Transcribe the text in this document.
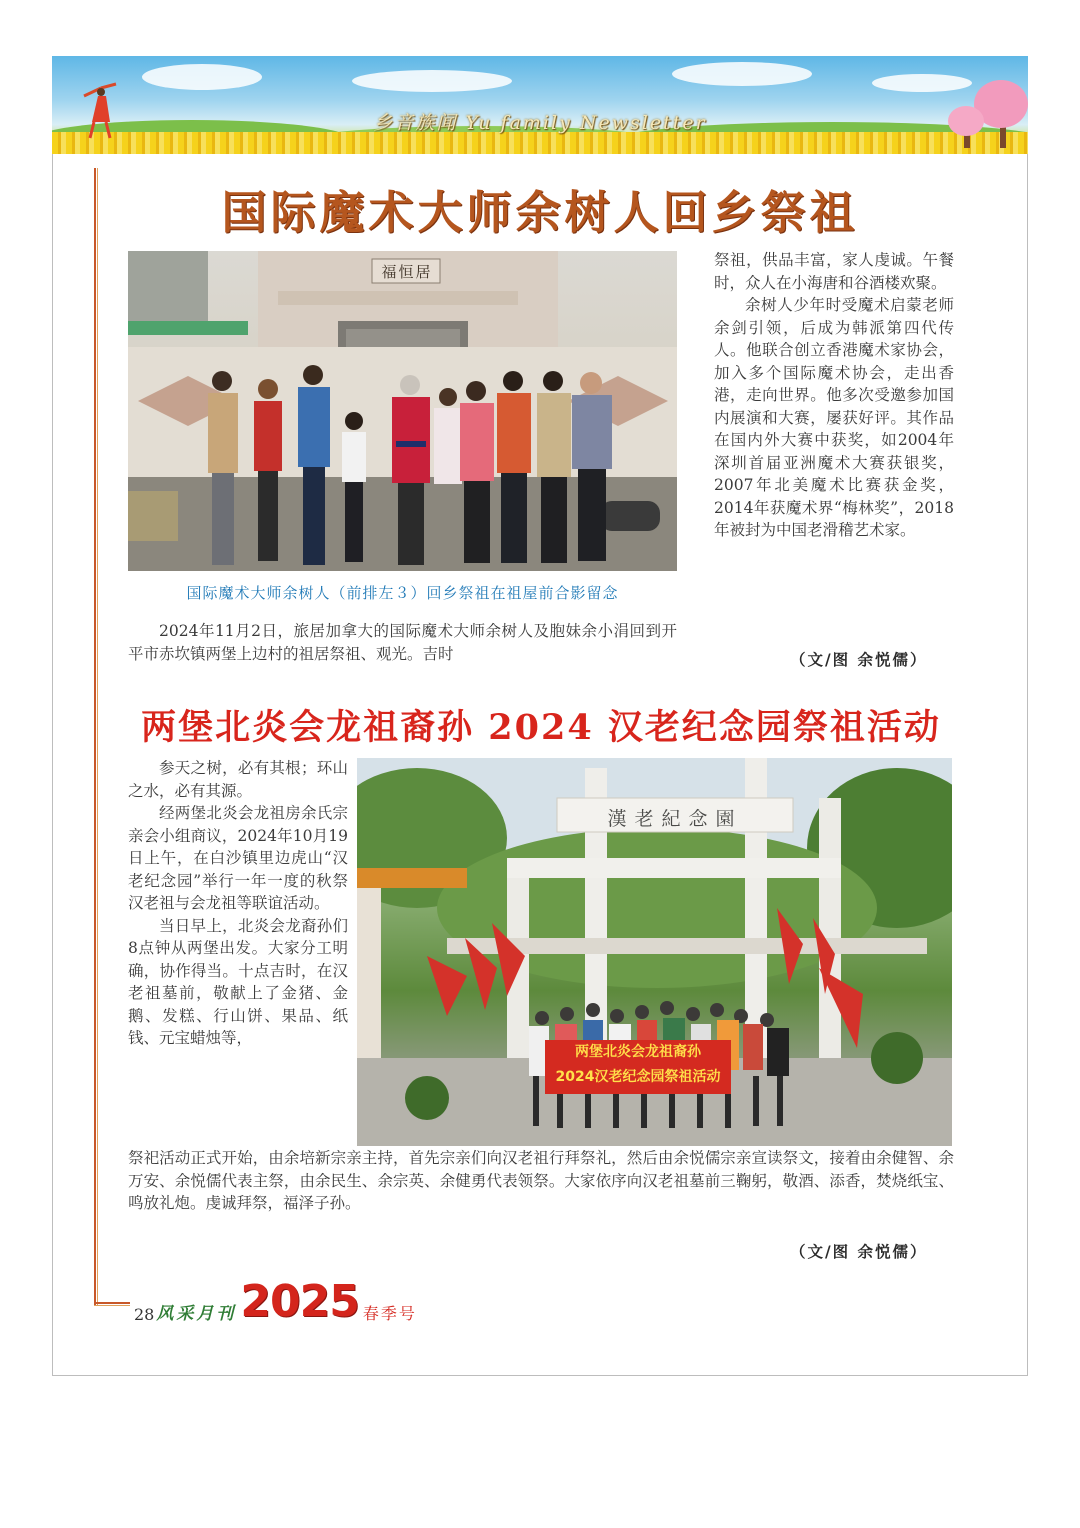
乡音族闻 Yu family Newsletter
国际魔术大师余树人回乡祭祖
福恒居
国际魔术大师余树人（前排左３）回乡祭祖在祖屋前合影留念

祭祖，供品丰富，家人虔诚。午餐时，众人在小海唐和谷酒楼欢聚。

余树人少年时受魔术启蒙老师余剑引领，后成为韩派第四代传人。他联合创立香港魔术家协会，加入多个国际魔术协会，走出香港，走向世界。他多次受邀参加国内展演和大赛，屡获好评。其作品在国内外大赛中获奖，如2004年深圳首届亚洲魔术大赛获银奖，2007年北美魔术比赛获金奖，2014年获魔术界“梅林奖”，2018年被封为中国老滑稽艺术家。

2024年11月2日，旅居加拿大的国际魔术大师余树人及胞妹余小涓回到开平市赤坎镇两堡上边村的祖居祭祖、观光。吉时	（文/图 余悦儒）
两堡北炎会龙祖裔孙 2024 汉老纪念园祭祖活动

参天之树，必有其根；环山之水，必有其源。

经两堡北炎会龙祖房余氏宗亲会小组商议，2024年10月19日上午，在白沙镇里边虎山“汉老纪念园”举行一年一度的秋祭汉老祖与会龙祖等联谊活动。

当日早上，北炎会龙裔孙们8点钟从两堡出发。大家分工明确，协作得当。十点吉时，在汉老祖墓前，敬献上了金猪、金鹅、发糕、行山饼、果品、纸钱、元宝蜡烛等，

漢老紀念園
两堡北炎会龙祖裔孙
2024汉老纪念园祭祖活动

祭祀活动正式开始，由余培新宗亲主持，首先宗亲们向汉老祖行拜祭礼，然后由余悦儒宗亲宣读祭文，接着由余健智、余万安、余悦儒代表主祭，由余民生、余宗英、余健勇代表领祭。大家依序向汉老祖墓前三鞠躬，敬酒、添香，焚烧纸宝、鸣放礼炮。虔诚拜祭，福泽子孙。

（文/图 余悦儒）
28 风采月刊 2025 春季号
